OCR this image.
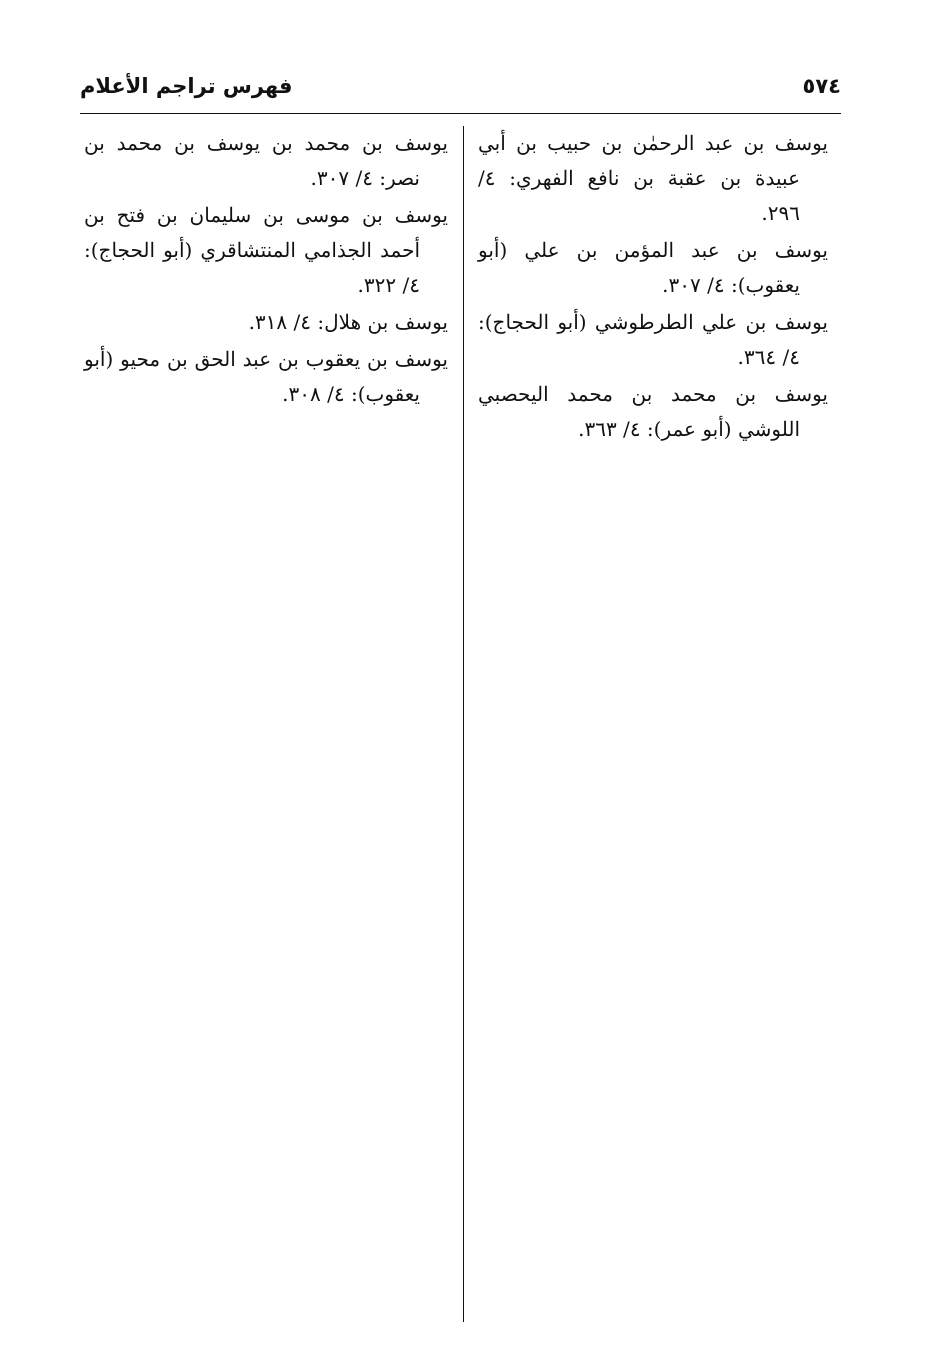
٥٧٤
فهرس تراجم الأعلام

يوسف بن عبد الرحمٰن بن حبيب بن أبي عبيدة بن عقبة بن نافع الفهري: ٤/ ٢٩٦.

يوسف بن عبد المؤمن بن علي (أبو يعقوب): ٤/ ٣٠٧.

يوسف بن علي الطرطوشي (أبو الحجاج): ٤/ ٣٦٤.

يوسف بن محمد بن محمد اليحصبي اللوشي (أبو عمر): ٤/ ٣٦٣.

يوسف بن محمد بن يوسف بن محمد بن نصر: ٤/ ٣٠٧.

يوسف بن موسى بن سليمان بن فتح بن أحمد الجذامي المنتشاقري (أبو الحجاج): ٤/ ٣٢٢.

يوسف بن هلال: ٤/ ٣١٨.

يوسف بن يعقوب بن عبد الحق بن محيو (أبو يعقوب): ٤/ ٣٠٨.
